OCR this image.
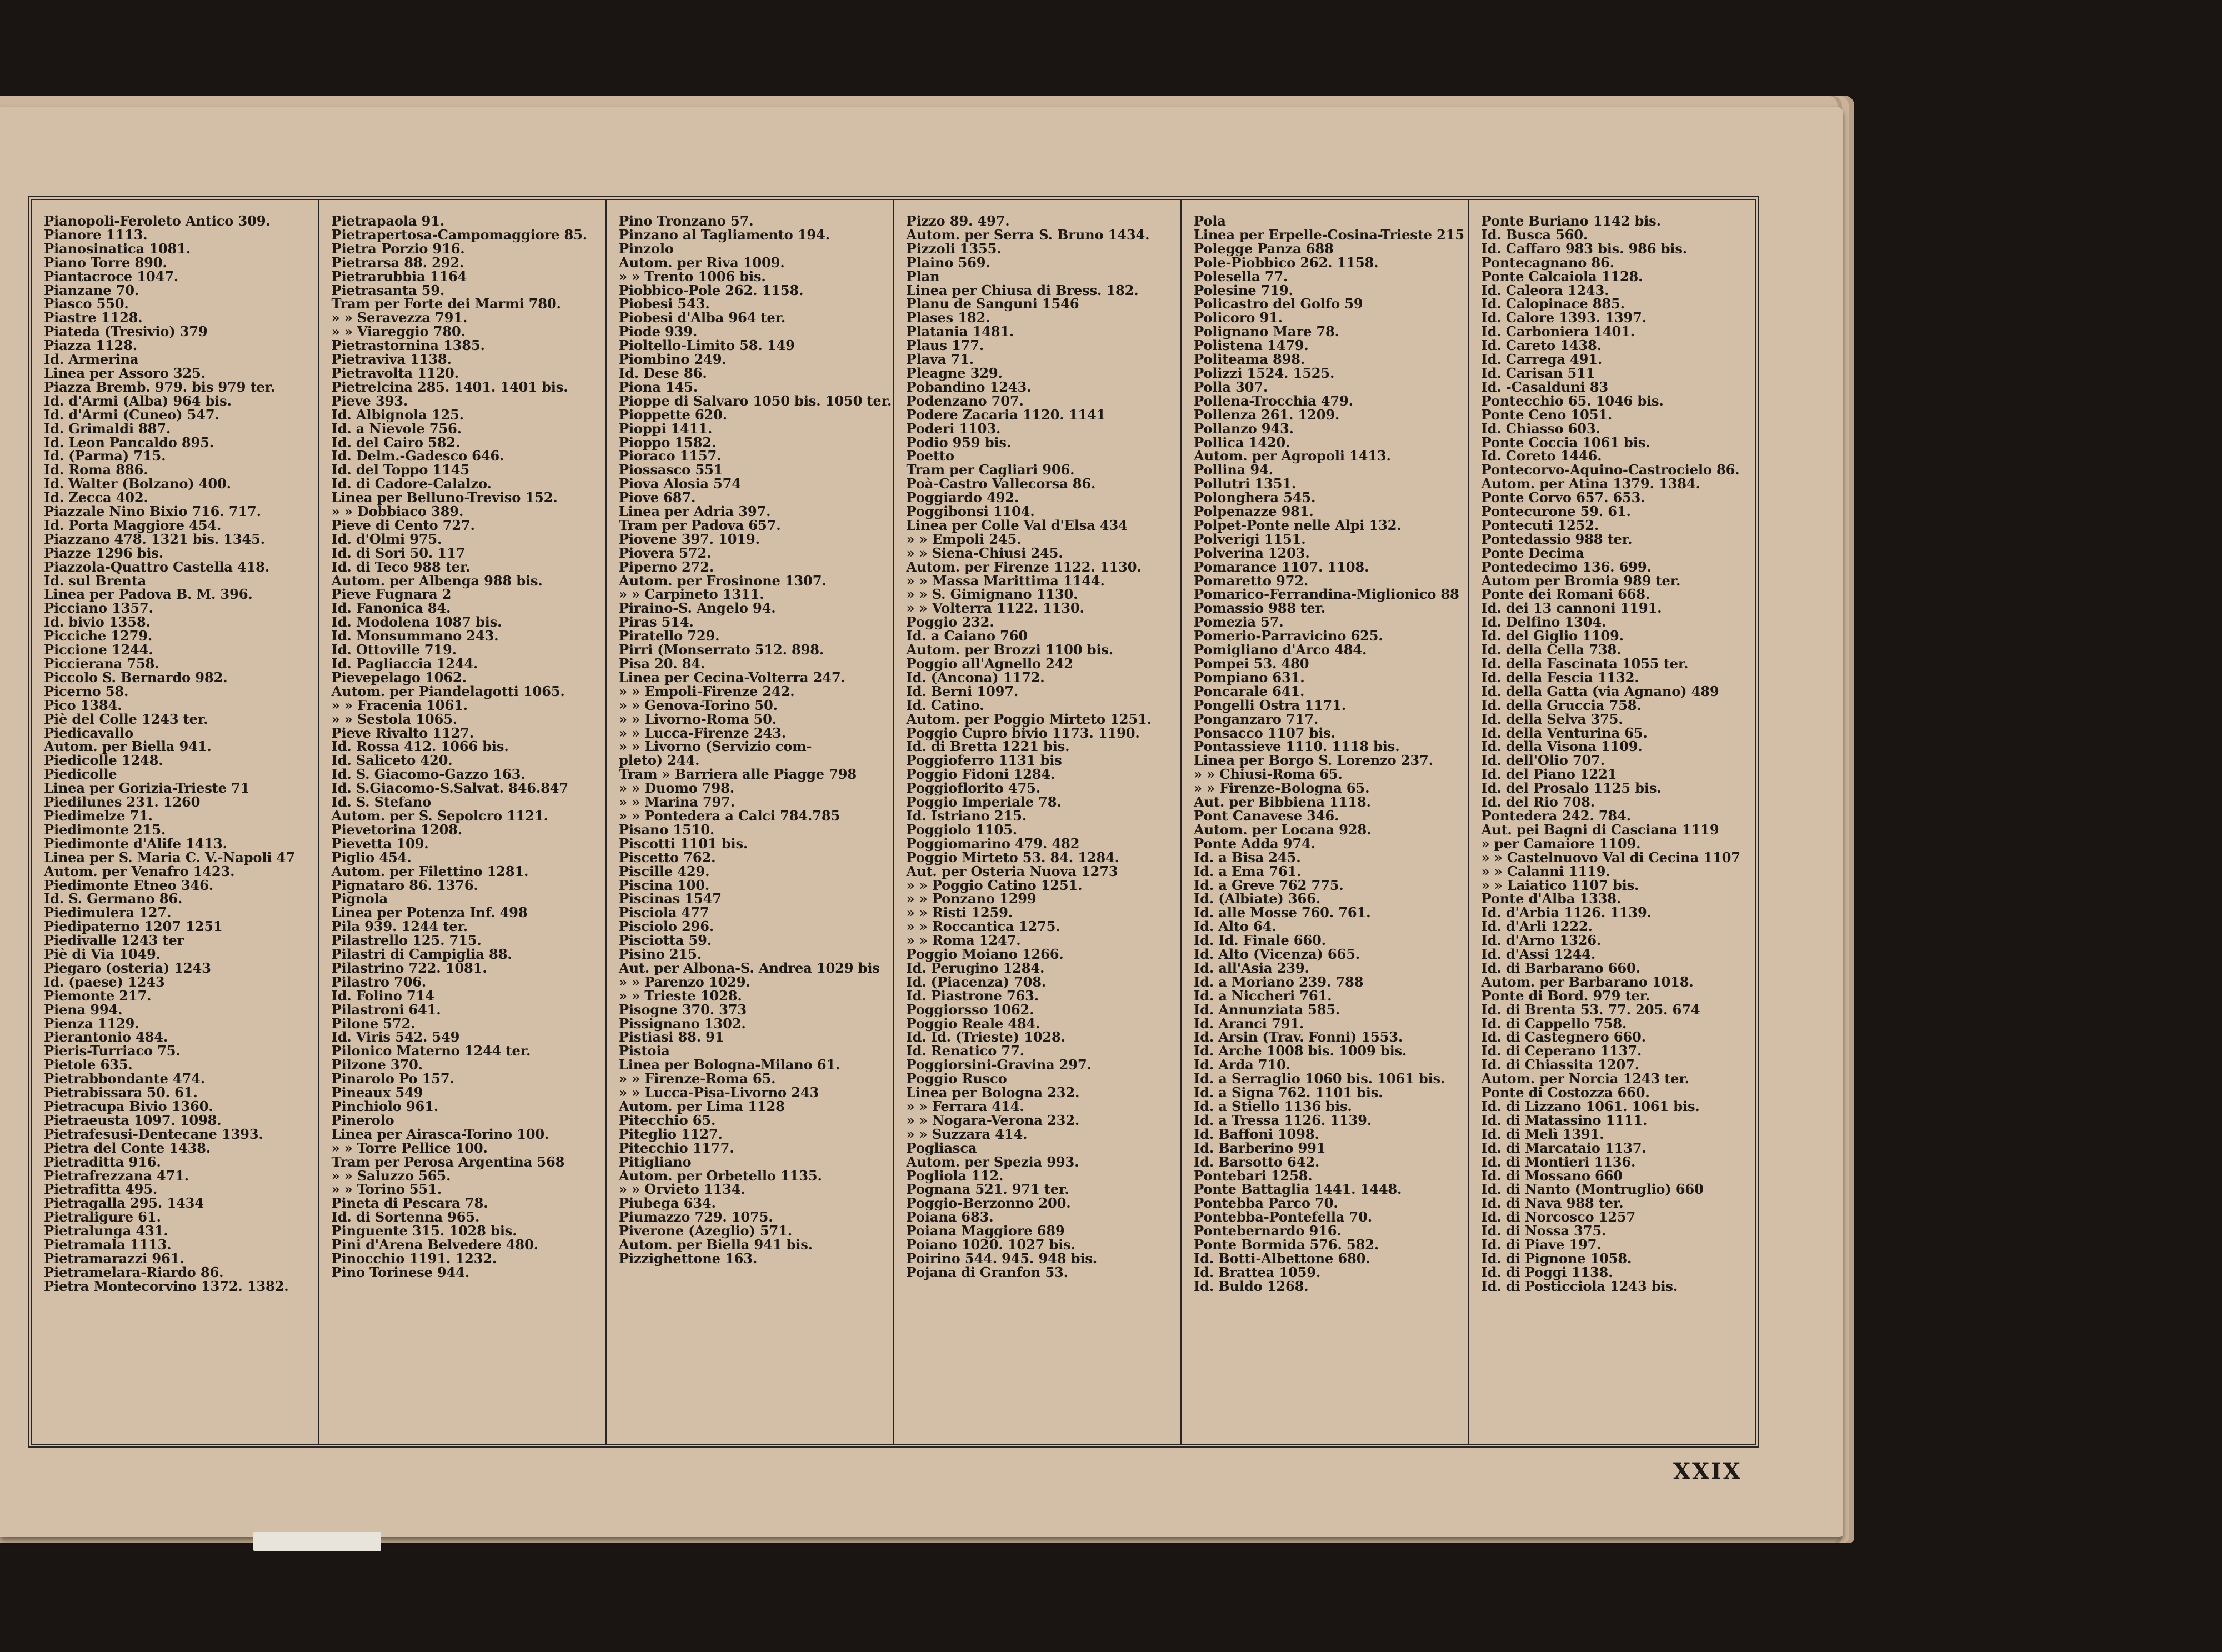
Pianopoli-Feroleto Antico 309.
Pianore 1113.
Pianosinatica 1081.
Piano Torre 890.
Piantacroce 1047.
Pianzane 70.
Piasco 550.
Piastre 1128.
Piateda (Tresivio) 379
Piazza 1128.
Id. Armerina
Linea per Assoro 325.
Piazza Bremb. 979. bis 979 ter.
Id. d'Armi (Alba) 964 bis.
Id. d'Armi (Cuneo) 547.
Id. Grimaldi 887.
Id. Leon Pancaldo 895.
Id. (Parma) 715.
Id. Roma 886.
Id. Walter (Bolzano) 400.
Id. Zecca 402.
Piazzale Nino Bixio 716. 717.
Id. Porta Maggiore 454.
Piazzano 478. 1321 bis. 1345.
Piazze 1296 bis.
Piazzola-Quattro Castella 418.
Id. sul Brenta
Linea per Padova B. M. 396.
Picciano 1357.
Id. bivio 1358.
Picciche 1279.
Piccione 1244.
Piccierana 758.
Piccolo S. Bernardo 982.
Picerno 58.
Pico 1384.
Piè del Colle 1243 ter.
Piedicavallo
Autom. per Biella 941.
Piedicolle 1248.
Piedicolle
Linea per Gorizia-Trieste 71
Piedilunes 231. 1260
Piedimelze 71.
Piedimonte 215.
Piedimonte d'Alife 1413.
Linea per S. Maria C. V.-Napoli 47
Autom. per Venafro 1423.
Piedimonte Etneo 346.
Id. S. Germano 86.
Piedimulera 127.
Piedipaterno 1207 1251
Piedivalle 1243 ter
Piè di Via 1049.
Piegaro (osteria) 1243
Id. (paese) 1243
Piemonte 217.
Piena 994.
Pienza 1129.
Pierantonio 484.
Pieris-Turriaco 75.
Pietole 635.
Pietrabbondante 474.
Pietrabissara 50. 61.
Pietracupa Bivio 1360.
Pietraeusta 1097. 1098.
Pietrafesusi-Dentecane 1393.
Pietra del Conte 1438.
Pietraditta 916.
Pietrafrezzana 471.
Pietrafitta 495.
Pietragalla 295. 1434
Pietraligure 61.
Pietralunga 431.
Pietramala 1113.
Pietramarazzi 961.
Pietramelara-Riardo 86.
Pietra Montecorvino 1372. 1382.
Pietrapaola 91.
Pietrapertosa-Campomaggiore 85.
Pietra Porzio 916.
Pietrarsa 88. 292.
Pietrarubbia 1164
Pietrasanta 59.
Tram per Forte dei Marmi 780.
» » Seravezza 791.
» » Viareggio 780.
Pietrastornina 1385.
Pietraviva 1138.
Pietravolta 1120.
Pietrelcina 285. 1401. 1401 bis.
Pieve 393.
Id. Albignola 125.
Id. a Nievole 756.
Id. del Cairo 582.
Id. Delm.-Gadesco 646.
Id. del Toppo 1145
Id. di Cadore-Calalzo.
Linea per Belluno-Treviso 152.
» » Dobbiaco 389.
Pieve di Cento 727.
Id. d'Olmi 975.
Id. di Sori 50. 117
Id. di Teco 988 ter.
Autom. per Albenga 988 bis.
Pieve Fugnara 2
Id. Fanonica 84.
Id. Modolena 1087 bis.
Id. Monsummano 243.
Id. Ottoville 719.
Id. Pagliaccia 1244.
Pievepelago 1062.
Autom. per Piandelagotti 1065.
» » Fracenia 1061.
» » Sestola 1065.
Pieve Rivalto 1127.
Id. Rossa 412. 1066 bis.
Id. Saliceto 420.
Id. S. Giacomo-Gazzo 163.
Id. S.Giacomo-S.Salvat. 846.847
Id. S. Stefano
Autom. per S. Sepolcro 1121.
Pievetorina 1208.
Pievetta 109.
Piglio 454.
Autom. per Filettino 1281.
Pignataro 86. 1376.
Pignola
Linea per Potenza Inf. 498
Pila 939. 1244 ter.
Pilastrello 125. 715.
Pilastri di Campiglia 88.
Pilastrino 722. 1081.
Pilastro 706.
Id. Folino 714
Pilastroni 641.
Pilone 572.
Id. Viris 542. 549
Pilonico Materno 1244 ter.
Pilzone 370.
Pinarolo Po 157.
Pineaux 549
Pinchiolo 961.
Pinerolo
Linea per Airasca-Torino 100.
» » Torre Pellice 100.
Tram per Perosa Argentina 568
» » Saluzzo 565.
» » Torino 551.
Pineta di Pescara 78.
Id. di Sortenna 965.
Pinguente 315. 1028 bis.
Pini d'Arena Belvedere 480.
Pinocchio 1191. 1232.
Pino Torinese 944.
Pino Tronzano 57.
Pinzano al Tagliamento 194.
Pinzolo
Autom. per Riva 1009.
» » Trento 1006 bis.
Piobbico-Pole 262. 1158.
Piobesi 543.
Piobesi d'Alba 964 ter.
Piode 939.
Pioltello-Limito 58. 149
Piombino 249.
Id. Dese 86.
Piona 145.
Pioppe di Salvaro 1050 bis. 1050 ter.
Pioppette 620.
Pioppi 1411.
Pioppo 1582.
Pioraco 1157.
Piossasco 551
Piova Alosia 574
Piove 687.
Linea per Adria 397.
Tram per Padova 657.
Piovene 397. 1019.
Piovera 572.
Piperno 272.
Autom. per Frosinone 1307.
» » Carpineto 1311.
Piraino-S. Angelo 94.
Piras 514.
Piratello 729.
Pirri (Monserrato 512. 898.
Pisa 20. 84.
Linea per Cecina-Volterra 247.
» » Empoli-Firenze 242.
» » Genova-Torino 50.
» » Livorno-Roma 50.
» » Lucca-Firenze 243.
» » Livorno (Servizio com-
pleto) 244.
Tram » Barriera alle Piagge 798
» » Duomo 798.
» » Marina 797.
» » Pontedera a Calci 784.785
Pisano 1510.
Piscotti 1101 bis.
Piscetto 762.
Piscille 429.
Piscina 100.
Piscinas 1547
Pisciola 477
Pisciolo 296.
Pisciotta 59.
Pisino 215.
Aut. per Albona-S. Andrea 1029 bis
» » Parenzo 1029.
» » Trieste 1028.
Pisogne 370. 373
Pissignano 1302.
Pistiasi 88. 91
Pistoia
Linea per Bologna-Milano 61.
» » Firenze-Roma 65.
» » Lucca-Pisa-Livorno 243
Autom. per Lima 1128
Pitecchio 65.
Piteglio 1127.
Pitecchio 1177.
Pitigliano
Autom. per Orbetello 1135.
» » Orvieto 1134.
Piubega 634.
Piumazzo 729. 1075.
Piverone (Azeglio) 571.
Autom. per Biella 941 bis.
Pizzighettone 163.
Pizzo 89. 497.
Autom. per Serra S. Bruno 1434.
Pizzoli 1355.
Plaino 569.
Plan
Linea per Chiusa di Bress. 182.
Planu de Sanguni 1546
Plases 182.
Platania 1481.
Plaus 177.
Plava 71.
Pleagne 329.
Pobandino 1243.
Podenzano 707.
Podere Zacaria 1120. 1141
Poderi 1103.
Podio 959 bis.
Poetto
Tram per Cagliari 906.
Poà-Castro Vallecorsa 86.
Poggiardo 492.
Poggibonsi 1104.
Linea per Colle Val d'Elsa 434
» » Empoli 245.
» » Siena-Chiusi 245.
Autom. per Firenze 1122. 1130.
» » Massa Marittima 1144.
» » S. Gimignano 1130.
» » Volterra 1122. 1130.
Poggio 232.
Id. a Caiano 760
Autom. per Brozzi 1100 bis.
Poggio all'Agnello 242
Id. (Ancona) 1172.
Id. Berni 1097.
Id. Catino.
Autom. per Poggio Mirteto 1251.
Poggio Cupro bivio 1173. 1190.
Id. di Bretta 1221 bis.
Poggioferro 1131 bis
Poggio Fidoni 1284.
Poggioflorito 475.
Poggio Imperiale 78.
Id. Istriano 215.
Poggiolo 1105.
Poggiomarino 479. 482
Poggio Mirteto 53. 84. 1284.
Aut. per Osteria Nuova 1273
» » Poggio Catino 1251.
» » Ponzano 1299
» » Risti 1259.
» » Roccantica 1275.
» » Roma 1247.
Poggio Moiano 1266.
Id. Perugino 1284.
Id. (Piacenza) 708.
Id. Piastrone 763.
Poggiorsso 1062.
Poggio Reale 484.
Id. Id. (Trieste) 1028.
Id. Renatico 77.
Poggiorsini-Gravina 297.
Poggio Rusco
Linea per Bologna 232.
» » Ferrara 414.
» » Nogara-Verona 232.
» » Suzzara 414.
Pogliasca
Autom. per Spezia 993.
Pogliola 112.
Pognana 521. 971 ter.
Poggio-Berzonno 200.
Poiana 683.
Poiana Maggiore 689
Poiano 1020. 1027 bis.
Poirino 544. 945. 948 bis.
Pojana di Granfon 53.
Pola
Linea per Erpelle-Cosina-Trieste 215
Polegge Panza 688
Pole-Piobbico 262. 1158.
Polesella 77.
Polesine 719.
Policastro del Golfo 59
Policoro 91.
Polignano Mare 78.
Polistena 1479.
Politeama 898.
Polizzi 1524. 1525.
Polla 307.
Pollena-Trocchia 479.
Pollenza 261. 1209.
Pollanzo 943.
Pollica 1420.
Autom. per Agropoli 1413.
Pollina 94.
Pollutri 1351.
Polonghera 545.
Polpenazze 981.
Polpet-Ponte nelle Alpi 132.
Polverigi 1151.
Polverina 1203.
Pomarance 1107. 1108.
Pomaretto 972.
Pomarico-Ferrandina-Miglionico 88
Pomassio 988 ter.
Pomezia 57.
Pomerio-Parravicino 625.
Pomigliano d'Arco 484.
Pompei 53. 480
Pompiano 631.
Poncarale 641.
Pongelli Ostra 1171.
Ponganzaro 717.
Ponsacco 1107 bis.
Pontassieve 1110. 1118 bis.
Linea per Borgo S. Lorenzo 237.
» » Chiusi-Roma 65.
» » Firenze-Bologna 65.
Aut. per Bibbiena 1118.
Pont Canavese 346.
Autom. per Locana 928.
Ponte Adda 974.
Id. a Bisa 245.
Id. a Ema 761.
Id. a Greve 762 775.
Id. (Albiate) 366.
Id. alle Mosse 760. 761.
Id. Alto 64.
Id. Id. Finale 660.
Id. Alto (Vicenza) 665.
Id. all'Asia 239.
Id. a Moriano 239. 788
Id. a Niccheri 761.
Id. Annunziata 585.
Id. Aranci 791.
Id. Arsin (Trav. Fonni) 1553.
Id. Arche 1008 bis. 1009 bis.
Id. Arda 710.
Id. a Serraglio 1060 bis. 1061 bis.
Id. a Signa 762. 1101 bis.
Id. a Stiello 1136 bis.
Id. a Tressa 1126. 1139.
Id. Baffoni 1098.
Id. Barberino 991
Id. Barsotto 642.
Pontebari 1258.
Ponte Battaglia 1441. 1448.
Pontebba Parco 70.
Pontebba-Pontefella 70.
Pontebernardo 916.
Ponte Bormida 576. 582.
Id. Botti-Albettone 680.
Id. Brattea 1059.
Id. Buldo 1268.
Ponte Buriano 1142 bis.
Id. Busca 560.
Id. Caffaro 983 bis. 986 bis.
Pontecagnano 86.
Ponte Calcaiola 1128.
Id. Caleora 1243.
Id. Calopinace 885.
Id. Calore 1393. 1397.
Id. Carboniera 1401.
Id. Careto 1438.
Id. Carrega 491.
Id. Carisan 511
Id. -Casalduni 83
Pontecchio 65. 1046 bis.
Ponte Ceno 1051.
Id. Chiasso 603.
Ponte Coccia 1061 bis.
Id. Coreto 1446.
Pontecorvo-Aquino-Castrocielo 86.
Autom. per Atina 1379. 1384.
Ponte Corvo 657. 653.
Pontecurone 59. 61.
Pontecuti 1252.
Pontedassio 988 ter.
Ponte Decima
Pontedecimo 136. 699.
Autom per Bromia 989 ter.
Ponte dei Romani 668.
Id. dei 13 cannoni 1191.
Id. Delfino 1304.
Id. del Giglio 1109.
Id. della Cella 738.
Id. della Fascinata 1055 ter.
Id. della Fescia 1132.
Id. della Gatta (via Agnano) 489
Id. della Gruccia 758.
Id. della Selva 375.
Id. della Venturina 65.
Id. della Visona 1109.
Id. dell'Olio 707.
Id. del Piano 1221
Id. del Prosalo 1125 bis.
Id. del Rio 708.
Pontedera 242. 784.
Aut. pei Bagni di Casciana 1119
» per Camaiore 1109.
» » Castelnuovo Val di Cecina 1107
» » Calanni 1119.
» » Laiatico 1107 bis.
Ponte d'Alba 1338.
Id. d'Arbia 1126. 1139.
Id. d'Arli 1222.
Id. d'Arno 1326.
Id. d'Assi 1244.
Id. di Barbarano 660.
Autom. per Barbarano 1018.
Ponte di Bord. 979 ter.
Id. di Brenta 53. 77. 205. 674
Id. di Cappello 758.
Id. di Castegnero 660.
Id. di Ceperano 1137.
Id. di Chiassita 1207.
Autom. per Norcia 1243 ter.
Ponte di Costozza 660.
Id. di Lizzano 1061. 1061 bis.
Id. di Matassino 1111.
Id. di Melì 1391.
Id. di Marcataio 1137.
Id. di Montieri 1136.
Id. di Mossano 660
Id. di Nanto (Montruglio) 660
Id. di Nava 988 ter.
Id. di Norcosco 1257
Id. di Nossa 375.
Id. di Piave 197.
Id. di Pignone 1058.
Id. di Poggi 1138.
Id. di Posticciola 1243 bis.
XXIX
